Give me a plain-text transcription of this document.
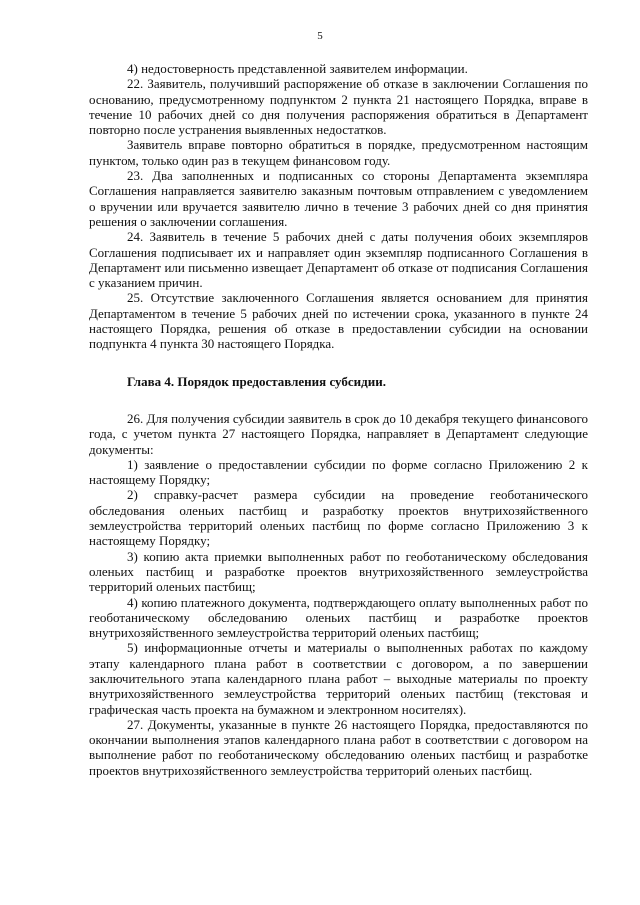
5

4) недостоверность представленной заявителем информации.

22. Заявитель, получивший распоряжение об отказе в заключении Соглашения по основанию, предусмотренному подпунктом 2 пункта 21 настоящего Порядка, вправе в течение 10 рабочих дней со дня получения распоряжения обратиться в Департамент повторно после устранения выявленных недостатков.

Заявитель вправе повторно обратиться в порядке, предусмотренном настоящим пунктом, только один раз в текущем финансовом году.

23. Два заполненных и подписанных со стороны Департамента экземпляра Соглашения направляется заявителю заказным почтовым отправлением с уведомлением о вручении или вручается заявителю лично в течение 3 рабочих дней со дня принятия решения о заключении соглашения.

24. Заявитель в течение 5 рабочих дней с даты получения обоих экземпляров Соглашения подписывает их и направляет один экземпляр подписанного Соглашения в Департамент или письменно извещает Департамент об отказе от подписания Соглашения с указанием причин.

25. Отсутствие заключенного Соглашения является основанием для принятия Департаментом в течение 5 рабочих дней по истечении срока, указанного в пункте 24 настоящего Порядка, решения об отказе в предоставлении субсидии на основании подпункта 4 пункта 30 настоящего Порядка.

Глава 4. Порядок предоставления субсидии.

26. Для получения субсидии заявитель в срок до 10 декабря текущего финансового года, с учетом пункта 27 настоящего Порядка, направляет в Департамент следующие документы:

1) заявление о предоставлении субсидии по форме согласно Приложению 2 к настоящему Порядку;

2) справку-расчет размера субсидии на проведение геоботанического обследования оленьих пастбищ и разработку проектов внутрихозяйственного землеустройства территорий оленьих пастбищ по форме согласно Приложению 3 к настоящему Порядку;

3) копию акта приемки выполненных работ по геоботаническому обследования оленьих пастбищ и разработке проектов внутрихозяйственного землеустройства территорий оленьих пастбищ;

4) копию платежного документа, подтверждающего оплату выполненных работ по геоботаническому обследованию оленьих пастбищ и разработке проектов внутрихозяйственного землеустройства территорий оленьих пастбищ;

5) информационные отчеты и материалы о выполненных работах по каждому этапу календарного плана работ в соответствии с договором, а по завершении заключительного этапа календарного плана работ – выходные материалы по проекту внутрихозяйственного землеустройства территорий оленьих пастбищ (текстовая и графическая часть проекта на бумажном и электронном носителях).

27. Документы, указанные в пункте 26 настоящего Порядка, предоставляются по окончании выполнения этапов календарного плана работ в соответствии с договором на выполнение работ по геоботаническому обследованию оленьих пастбищ и разработке проектов внутрихозяйственного землеустройства территорий оленьих пастбищ.
